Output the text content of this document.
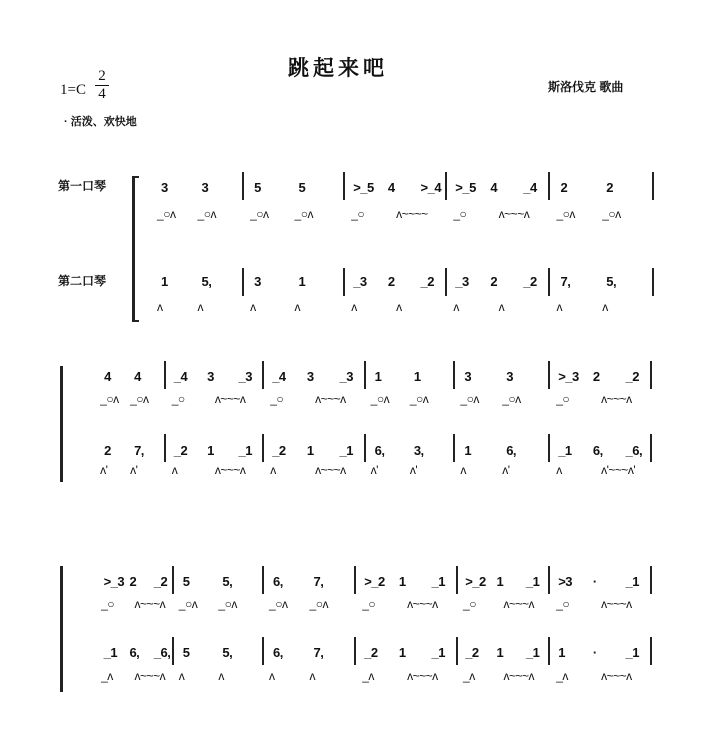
跳起来吧
斯洛伐克 歌曲
$1=C \frac{2}{4}$
· 活泼、欢快地
第一口琴
第二口琴
3	3	5	5	>_5 4 >_4 >_5 4 _4 2	2
_○ʌ _○ʌ	_○ʌ _○ʌ	_○	ʌ~~~~ _○	ʌ~~~ʌ _○ʌ _○ʌ
1	5,	3	1	_3 2 _2 _3 2 _2 7,	5,
ʌ	ʌ	ʌ	ʌ	ʌ	ʌ	ʌ	ʌ	ʌ	ʌ
4 4	_4 3 _3 _4 3 _3 1 1	3	3	>_3 2 _2
_○ʌ _○ʌ _○	ʌ~~~ʌ _○	ʌ~~~ʌ _○ʌ _○ʌ	_○ʌ _○ʌ	_○	ʌ~~~ʌ
2 7, _2 1 _1 _2 1 _1 6, 3,	1	6,	_1 6, _6,
ʌ' ʌ'	ʌ	ʌ~~~ʌ ʌ	ʌ~~~ʌ ʌ'	ʌ'	ʌ	ʌ'	ʌ	ʌ'~~~ʌ'
>_3 2 _2 5	5,	6, 7,	>_2 1 _1 >_2 1 _1 >3 · _1
_○ ʌ~~~ʌ _○ʌ _○ʌ	_○ʌ _○ʌ	_○	ʌ~~~ʌ _○ ʌ~~~ʌ _○	ʌ~~~ʌ
_1 6, _6, 5	5,	6, 7,	_2 1 _1 _2 1 _1 1 · _1
_ʌ ʌ~~~ʌ ʌ	ʌ	ʌ	ʌ	_ʌ	ʌ~~~ʌ _ʌ ʌ~~~ʌ _ʌ	ʌ~~~ʌ
